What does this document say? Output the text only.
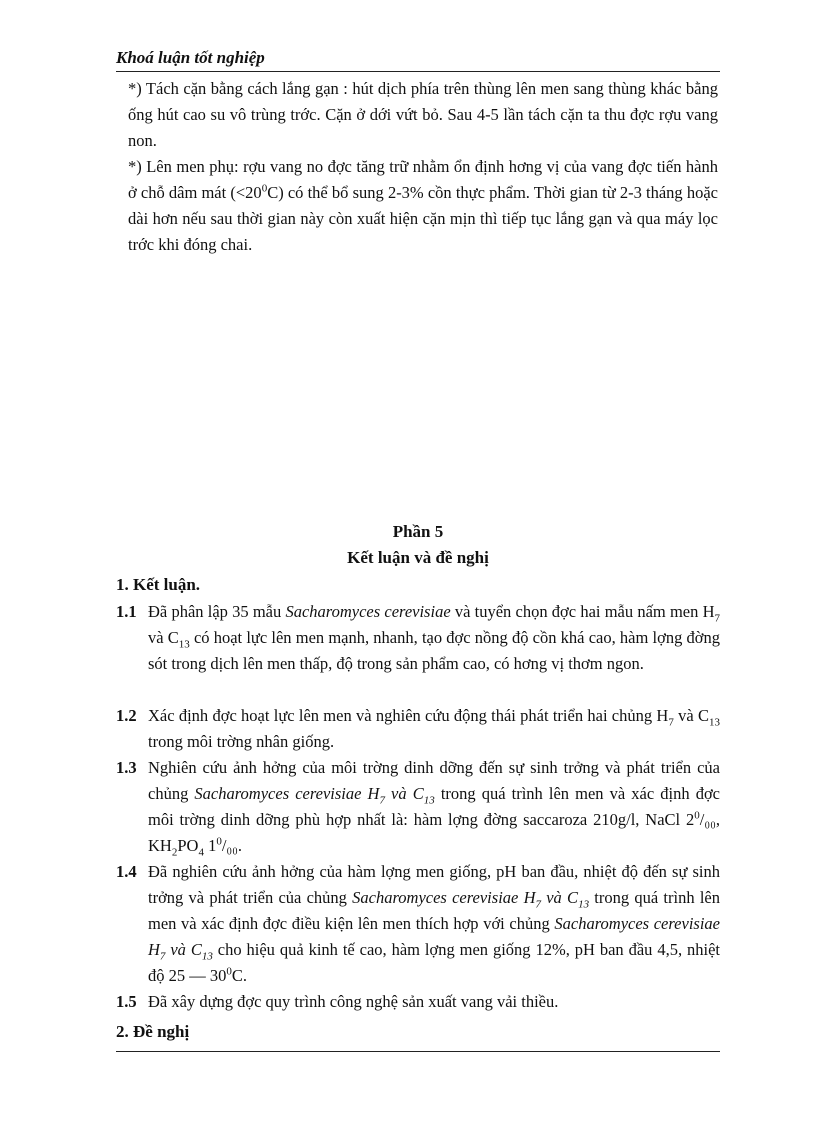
Khoá luận tốt nghiệp

*) Tách cặn bằng cách lắng gạn : hút dịch phía trên thùng lên men sang thùng khác bằng ống hút cao su vô trùng trớc. Cặn ở dới vứt bỏ. Sau 4-5 lần tách cặn ta thu đợc rợu vang non.

*) Lên men phụ: rợu vang no đợc tăng trữ nhằm ổn định hơng vị của vang đợc tiến hành ở chỗ dâm mát $(<20^0C)$ có thể bổ sung 2-3% cồn thực phẩm. Thời gian từ 2-3 tháng hoặc dài hơn nếu sau thời gian này còn xuất hiện cặn mịn thì tiếp tục lắng gạn và qua máy lọc trớc khi đóng chai.

Phần 5
Kết luận và đề nghị
1. Kết luận.
1.1 Đã phân lập 35 mẫu Sacharomyces cerevisiae và tuyển chọn đợc hai mẫu nấm men $H_7$ và $C_{13}$ có hoạt lực lên men mạnh, nhanh, tạo đợc nồng độ cồn khá cao, hàm lợng đờng sót trong dịch lên men thấp, độ trong sản phẩm cao, có hơng vị thơm ngon.
1.2 Xác định đợc hoạt lực lên men và nghiên cứu động thái phát triển hai chủng $H_7$ và $C_{13}$ trong môi trờng nhân giống.
1.3 Nghiên cứu ảnh hởng của môi trờng dinh dỡng đến sự sinh trởng và phát triển của chủng Sacharomyces cerevisiae $H_7$ và $C_{13}$ trong quá trình lên men và xác định đợc môi trờng dinh dỡng phù hợp nhất là: hàm lợng đờng saccaroza 210g/l, NaCl $2^0/_{00}$, $KH_2PO_4$ $1^0/_{00}$.
1.4 Đã nghiên cứu ảnh hởng của hàm lợng men giống, pH ban đầu, nhiệt độ đến sự sinh trởng và phát triển của chủng Sacharomyces cerevisiae $H_7$ và $C_{13}$ trong quá trình lên men và xác định đợc điều kiện lên men thích hợp với chủng Sacharomyces cerevisiae $H_7$ và $C_{13}$ cho hiệu quả kinh tế cao, hàm lợng men giống 12%, pH ban đầu 4,5, nhiệt độ 25 — $30^0C$.
1.5 Đã xây dựng đợc quy trình công nghệ sản xuất vang vải thiều.
2. Đề nghị
